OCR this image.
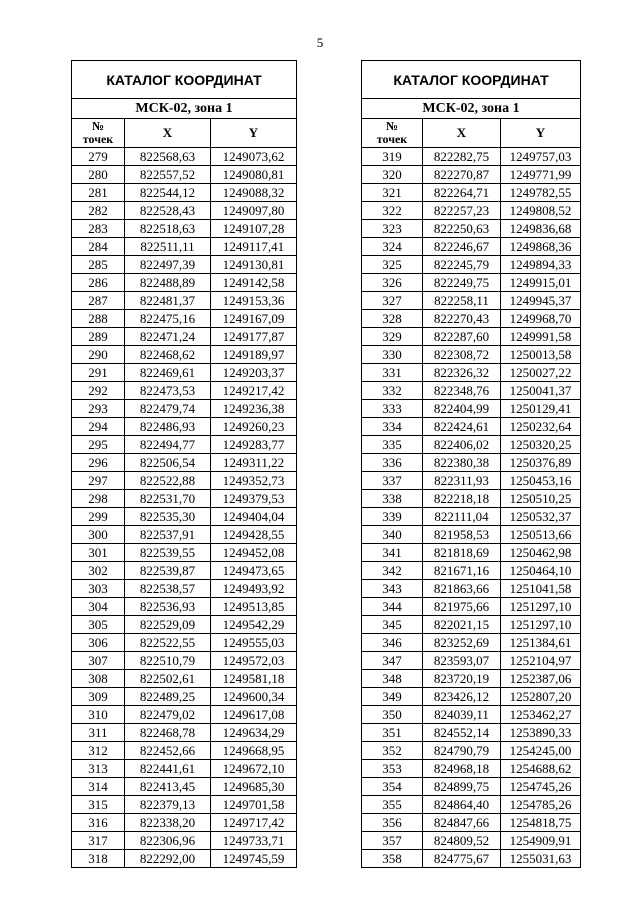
5
КАТАЛОГ КООРДИНАТ		
МСК-02, зона 1		

№
точек	X	Y
279	822568,63	1249073,62
280	822557,52	1249080,81
281	822544,12	1249088,32
282	822528,43	1249097,80
283	822518,63	1249107,28
284	822511,11	1249117,41
285	822497,39	1249130,81
286	822488,89	1249142,58
287	822481,37	1249153,36
288	822475,16	1249167,09
289	822471,24	1249177,87
290	822468,62	1249189,97
291	822469,61	1249203,37
292	822473,53	1249217,42
293	822479,74	1249236,38
294	822486,93	1249260,23
295	822494,77	1249283,77
296	822506,54	1249311,22
297	822522,88	1249352,73
298	822531,70	1249379,53
299	822535,30	1249404,04
300	822537,91	1249428,55
301	822539,55	1249452,08
302	822539,87	1249473,65
303	822538,57	1249493,92
304	822536,93	1249513,85
305	822529,09	1249542,29
306	822522,55	1249555,03
307	822510,79	1249572,03
308	822502,61	1249581,18
309	822489,25	1249600,34
310	822479,02	1249617,08
311	822468,78	1249634,29
312	822452,66	1249668,95
313	822441,61	1249672,10
314	822413,45	1249685,30
315	822379,13	1249701,58
316	822338,20	1249717,42
317	822306,96	1249733,71
318	822292,00	1249745,59
КАТАЛОГ КООРДИНАТ		
МСК-02, зона 1		

№
точек	X	Y
319	822282,75	1249757,03
320	822270,87	1249771,99
321	822264,71	1249782,55
322	822257,23	1249808,52
323	822250,63	1249836,68
324	822246,67	1249868,36
325	822245,79	1249894,33
326	822249,75	1249915,01
327	822258,11	1249945,37
328	822270,43	1249968,70
329	822287,60	1249991,58
330	822308,72	1250013,58
331	822326,32	1250027,22
332	822348,76	1250041,37
333	822404,99	1250129,41
334	822424,61	1250232,64
335	822406,02	1250320,25
336	822380,38	1250376,89
337	822311,93	1250453,16
338	822218,18	1250510,25
339	822111,04	1250532,37
340	821958,53	1250513,66
341	821818,69	1250462,98
342	821671,16	1250464,10
343	821863,66	1251041,58
344	821975,66	1251297,10
345	822021,15	1251297,10
346	823252,69	1251384,61
347	823593,07	1252104,97
348	823720,19	1252387,06
349	823426,12	1252807,20
350	824039,11	1253462,27
351	824552,14	1253890,33
352	824790,79	1254245,00
353	824968,18	1254688,62
354	824899,75	1254745,26
355	824864,40	1254785,26
356	824847,66	1254818,75
357	824809,52	1254909,91
358	824775,67	1255031,63
